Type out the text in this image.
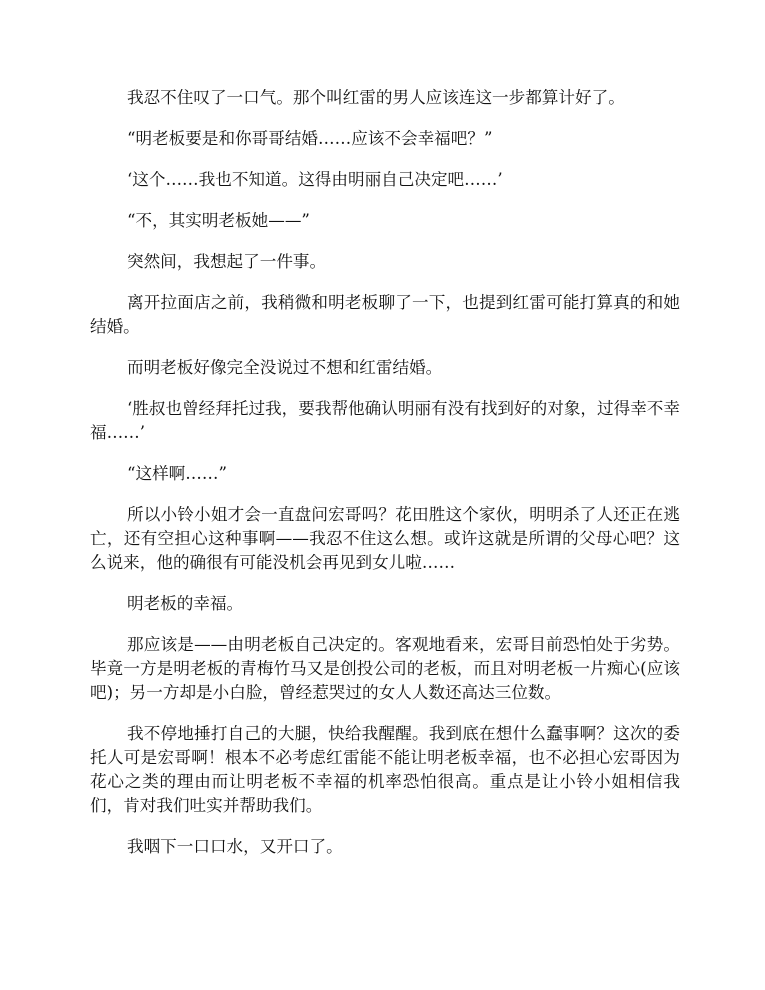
我忍不住叹了一口气。那个叫红雷的男人应该连这一步都算计好了。

“明老板要是和你哥哥结婚……应该不会幸福吧？”

‘这个……我也不知道。这得由明丽自己决定吧……’

“不，其实明老板她——”

突然间，我想起了一件事。

离开拉面店之前，我稍微和明老板聊了一下，也提到红雷可能打算真的和她结婚。

而明老板好像完全没说过不想和红雷结婚。

‘胜叔也曾经拜托过我，要我帮他确认明丽有没有找到好的对象，过得幸不幸福……’

“这样啊……”

所以小铃小姐才会一直盘问宏哥吗？花田胜这个家伙，明明杀了人还正在逃亡，还有空担心这种事啊——我忍不住这么想。或许这就是所谓的父母心吧？这么说来，他的确很有可能没机会再见到女儿啦……

明老板的幸福。

那应该是——由明老板自己决定的。客观地看来，宏哥目前恐怕处于劣势。毕竟一方是明老板的青梅竹马又是创投公司的老板，而且对明老板一片痴心(应该吧)；另一方却是小白脸，曾经惹哭过的女人人数还高达三位数。

我不停地捶打自己的大腿，快给我醒醒。我到底在想什么蠢事啊？这次的委托人可是宏哥啊！根本不必考虑红雷能不能让明老板幸福，也不必担心宏哥因为花心之类的理由而让明老板不幸福的机率恐怕很高。重点是让小铃小姐相信我们，肯对我们吐实并帮助我们。

我咽下一口口水，又开口了。
